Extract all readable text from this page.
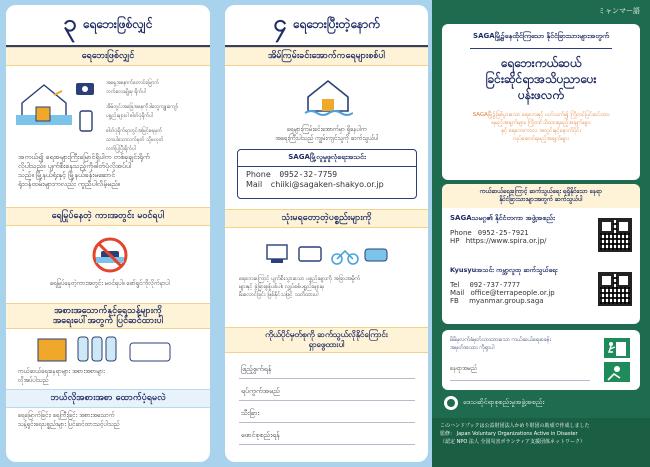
၃ ရေဘေးဖြစ်လျှင်
ရေဘေးဖြစ်လျှင်
အရှေ့အနောက်တောင်မြောက်
ဘက်လေးမျိုးမှ ရိုက်ပါ
အိမ်တွင်းအခြေအနေကိုဒါတွေကျူးကျော်
ပစ္စည်းများပါ ဓါတ်ပုံရိုက်ပါ
ဓါတ်ပုံရိုက်ရာတွင်အမြင့်ရေမှတ်
သားပါသောလက်မှတ် သို့မဟုတ်
လက်ပြပြီးရိုက်ပါ
အကယ်၍ ရေအများကြီးမြောင်ရှိပါက တစ်ခုချင်းရိုက်
လိုပါသည်။ ပျက်စီးနေသည့်ကိုဓါတ်ပုံလိုအပ်ပါ
သည်။ မြို့နယ်ရုံးနှင့် မြို့နယ်ခန်းမဆောင်
ရုံးဝန်ထမ်းများကလည်း ကူညီပါလိမ့်မည်။
ရေမြုပ်နေတဲ့ ကားအတွင်း မဝင်ရပါ
ရေမြုပ်နေတဲ့ကားအတွင်း မဝင်ရပါ။ ဖော်ရွင်ကိုလိုက်နာပါ
အစားအသောက်နှင့်ရေသန့်များကို
အရေးပေါ်အတွက် ပြင်ဆင်ထားပါ
ကယ်ဆယ်ရေးနေရာများ အစားအစာများ
လိုအပ်ပါသည်
ဘယ်လိုအစားအစာ ထောက်ပံ့ရမလဲ
ရေမြောက်ခြင်း၊ ရေကြီးခြင်း အစားအသောက်
သန့်ရှင်းရေးပစ္စည်းများ ပြင်ဆင်ထားသင့်ပါသည်
၄ ရေဘေးပြီးတဲ့နောက်
အိမ်ကြမ်းခင်းအောက်ကရေများစစ်ပါ
ရေများကြမ်းခင်းအောက်မှာ ရှိနေပါက
အရေးကြီးပါသည် ကျွမ်းကျင်သူကို ဆက်သွယ်ပါ
SAGAမြို့လူမှုဖူလုံရေးအသင်း
Phone 0952-32-7759
Mail chiiki@sagaken-shakyo.or.jp
သုံးမရတော့တဲ့ပစ္စည်းများကို
ရေဘေးကြောင့် ပျက်စီးသွားသော ပစ္စည်းများကို အခြားအမှိုက်
များနှင့် ခွဲခြားစွန့်ပစ်ပါ။ လျှပ်စစ်ပစ္စည်းများမှ
မီးလောင်ခြင်း ဖြစ်နိုင်သဖြင့် သတိထားပါ
ကိုယ်ပိုင်မှတ်စုကို ဆက်သွယ်လိုနိုင်ကြောင်း
ရှာဖွေထားပါ
ဖြည့်စွက်ရန်
ရပ်ကွက်အမည်
သီးခြား
ဖောင်စုစည်းရန်
ミャンマー語
SAGAမြို့၌နေထိုင်ကြသော နိုင်ငံခြားသားများအတွက်
ရေဘေးကယ်ဆယ်
ခြင်းဆိုင်ရာအသိပညာပေး
ပန်းဖလက်
SAGAမြို့၌ဖြစ်ပွားသော ရေဘေးနှင့် ပတ်သက်၍ ကြိုတင်ပြင်ဆင်ထား
ရမည့်အချက်များ၊ ကြိုတင်သိထားရမည့်အချက်များ
နှင့် ရေဘေးကာလ အတွင်းနှင့်နောက်ပိုင်း
လုပ်ဆောင်ရမည့်အချက်များ
ကယ်ဆယ်ရေးကြောင့် ဆက်သွယ်ရေး ရရှိနိုင်သော နေရာ
နိုင်ငံခြားသားများအတွက် ဆက်သွယ်ပါ
SAGAသမဂ္ဂ၏ နိုင်ငံတကာ အဖွဲ့အစည်း
Phone 0952-25-7921
HP https://www.spira.or.jp/
Kyusyuအသင်း ကမ္ဘာ့လူထု ဆက်သွယ်ရေး
Tel 092-737-7777
Mail office@terrapeople.or.jp
FB myanmar.group.saga
မိမိမှလက်ခံမှတ်သားထားသော ကယ်ဆယ်ရေးစခန်း
အမှတ်အသား ကိုရှာပါ
နေရာအမည်
ဒေသဆိုင်ရာစုစည်းမှုအဖွဲ့အစည်း
このハンドブックは公益財団法人かめり財団の助成で作成しました
監修： Japan Voluntary Organizations Active in Disaster
（認定 NPO 法人 全国災害ボランティア支援団体ネットワーク）
